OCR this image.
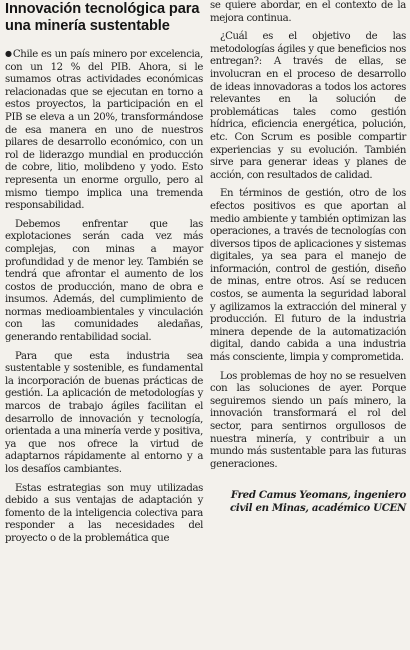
Innovación tecnológica para una minería sustentable

●Chile es un país minero por excelencia, con un 12 % del PIB. Ahora, si le sumamos otras actividades económicas relacionadas que se ejecutan en torno a estos proyectos, la participación en el PIB se eleva a un 20%, transformándose de esa manera en uno de nuestros pilares de desarrollo económico, con un rol de liderazgo mundial en producción de cobre, litio, molibdeno y yodo. Esto representa un enorme orgullo, pero al mismo tiempo implica una tremenda responsabilidad.

Debemos enfrentar que las explotaciones serán cada vez más complejas, con minas a mayor profundidad y de menor ley. También se tendrá que afrontar el aumento de los costos de producción, mano de obra e insumos. Además, del cumplimiento de normas medioambientales y vinculación con las comunidades aledañas, generando rentabilidad social.

Para que esta industria sea sustentable y sostenible, es fundamental la incorporación de buenas prácticas de gestión. La aplicación de metodologías y marcos de trabajo ágiles facilitan el desarrollo de innovación y tecnología, orientada a una minería verde y positiva, ya que nos ofrece la virtud de adaptarnos rápidamente al entorno y a los desafíos cambiantes.

Estas estrategias son muy utilizadas debido a sus ventajas de adaptación y fomento de la inteligencia colectiva para responder a las necesidades del proyecto o de la problemática que

se quiere abordar, en el contexto de la mejora continua.

¿Cuál es el objetivo de las metodologías ágiles y que beneficios nos entregan?: A través de ellas, se involucran en el proceso de desarrollo de ideas innovadoras a todos los actores relevantes en la solución de problemáticas tales como gestión hídrica, eficiencia energética, polución, etc. Con Scrum es posible compartir experiencias y su evolución. También sirve para generar ideas y planes de acción, con resultados de calidad.

En términos de gestión, otro de los efectos positivos es que aportan al medio ambiente y también optimizan las operaciones, a través de tecnologías con diversos tipos de aplicaciones y sistemas digitales, ya sea para el manejo de información, control de gestión, diseño de minas, entre otros. Así se reducen costos, se aumenta la seguridad laboral y agilizamos la extracción del mineral y producción. El futuro de la industria minera depende de la automatización digital, dando cabida a una industria más consciente, limpia y comprometida.

Los problemas de hoy no se resuelven con las soluciones de ayer. Porque seguiremos siendo un país minero, la innovación transformará el rol del sector, para sentirnos orgullosos de nuestra minería, y contribuir a un mundo más sustentable para las futuras generaciones.

Fred Camus Yeomans, ingeniero civil en Minas, académico UCEN
